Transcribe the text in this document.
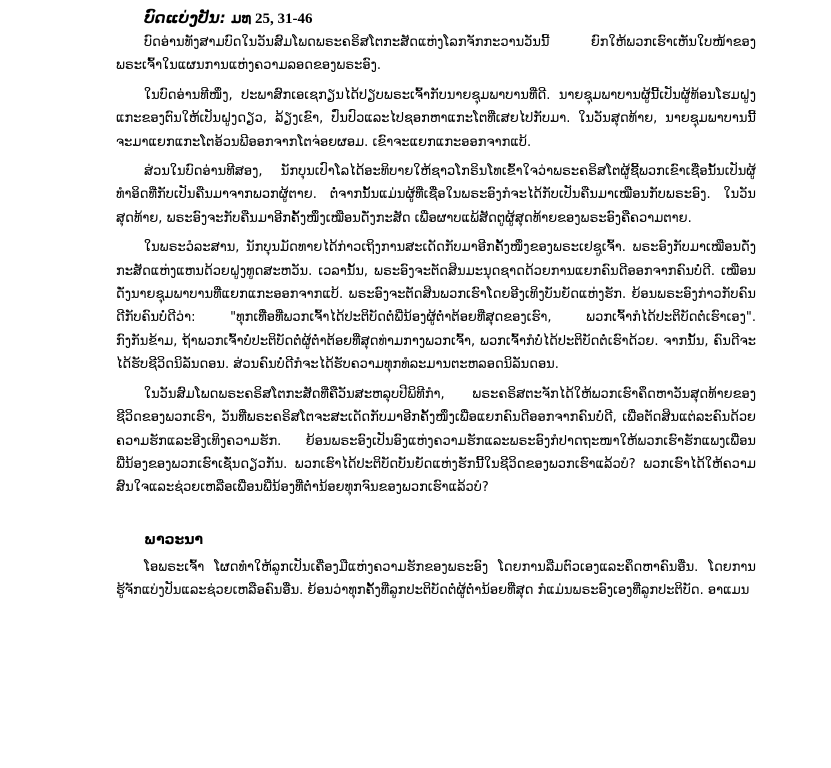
ບົດແບ່ງປັນ: ມທ 25, 31-46

ບົດອ່ານທັງສາມບົດໃນວັນສົມໂພດພຣະຄຣິສໂຕກະສັດແຫ່ງໂລກຈັກກະວານວັນນີ້ ຍົກໃຫ້ພວກເຮົາເຫັນໃບໜ້າຂອງພຣະເຈົ້າໃນແຜນການແຫ່ງຄວາມລອດຂອງພຣະອົງ.

ໃນບົດອ່ານທີໜຶ່ງ, ປະພາສົກເອເຊກຽນໄດ້ປຽບພຣະເຈົ້າກັບນາຍຊຸມພາບານທີ່ດີ. ນາຍຊຸມພາບານຜູ້ນີ້ເປັນຜູ້ທ້ອນໂຮມຝູງແກະຂອງຕົນໃຫ້ເປັນຝູງດຽວ, ລ້ຽງເຂົາ, ປົ່ນປົວແລະໄປຊອກຫາແກະໂຕທີ່ເສຍໄປກັບມາ. ໃນວັນສຸດທ້າຍ, ນາຍຊຸມພາບານນີ້ຈະມາແຍກແກະໂຕອ້ວນພີອອກຈາກໂຕຈ່ອຍຜອມ. ເຂົາຈະແຍກແກະອອກຈາກແບ້.

ສ່ວນໃນບົດອ່ານທີສອງ, ນັກບຸນເປົາໂລໄດ້ອະທິບາຍໃຫ້ຊາວໂກຣິນໂທເຂົ້າໃຈວ່າພຣະຄຣິສໂຕຜູ້ຊີ້ພວກເຂົາເຊື່ອນັ້ນເປັນຜູ້ທຳອິດທີ່ກັບເປັນຄືນມາຈາກພວກຜູ້ຕາຍ. ຕໍ່ຈາກນັ້ນແມ່ນຜູ້ທີ່ເຊື່ອໃນພຣະອົງກໍຈະໄດ້ກັບເປັນຄືນມາເໝືອນກັບພຣະອົງ. ໃນວັນສຸດທ້າຍ, ພຣະອົງຈະກັບຄືນມາອີກຄັ້ງໜຶ່ງເໝືອນດັ່ງກະສັດ ເພື່ອຜາບແພ້ສັດຕູຜູ້ສຸດທ້າຍຂອງພຣະອົງຄືຄວາມຕາຍ.

ໃນພຣະວໍລະສານ, ນັກບຸນມັດທາຍໄດ້ກ່າວເຖິງການສະເດັດກັບມາອີກຄັ້ງໜຶ່ງຂອງພຣະເຢຊູເຈົ້າ. ພຣະອົງກັບມາເໝືອນດັ່ງກະສັດແຫ່ງແຫນດ້ວຍຝູງທູດສະຫວັນ. ເວລານັ້ນ, ພຣະອົງຈະຕັດສິນມະນຸດຊາດດ້ວຍການແຍກຄົນດີອອກຈາກຄົນບໍ່ດີ. ເໝືອນດັ່ງນາຍຊຸມພາບານທີ່ແຍກແກະອອກຈາກແບ້. ພຣະອົງຈະຕັດສິນພວກເຮົາໂດຍອີງເທິງບັນຍັດແຫ່ງຮັກ. ຍ້ອນພຣະອົງກ່າວກັບຄົນດີກັບຄົນບໍ່ດີວ່າ: "ທຸກເທື່ອທີ່ພວກເຈົ້າໄດ້ປະຕິບັດຕໍ່ພີ່ນ້ອງຜູ້ຕ່ຳຕ້ອຍທີ່ສຸດຂອງເຮົາ, ພວກເຈົ້າກໍໄດ້ປະຕິບັດຕໍ່ເຮົາເອງ". ກົງກັນຂ້າມ, ຖ້າພວກເຈົ້າບໍ່ປະຕິບັດຕໍ່ຜູ້ຕ່ຳຕ້ອຍທີ່ສຸດທ່າມກາງພວກເຈົ້າ, ພວກເຈົ້າກໍບໍ່ໄດ້ປະຕິບັດຕໍ່ເຮົາດ້ວຍ. ຈາກນັ້ນ, ຄົນດີຈະໄດ້ຮັບຊີວິດນິລັນດອນ. ສ່ວນຄົນບໍ່ດີກໍຈະໄດ້ຮັບຄວາມທຸກທໍລະມານຕະຫລອດນິລັນດອນ.

ໃນວັນສົມໂພດພຣະຄຣິສໂຕກະສັດທີ່ຄືວັນສະຫລຸບປີພິທີກຳ, ພຣະຄຣິສຕະຈັກໄດ້ໃຫ້ພວກເຮົາຄຶດຫາວັນສຸດທ້າຍຂອງຊີວິດຂອງພວກເຮົາ, ວັນທີ່ພຣະຄຣິສໂຕຈະສະເດັດກັບມາອີກຄັ້ງໜຶ່ງເພື່ອແຍກຄົນດີອອກຈາກຄົນບໍ່ດີ, ເພື່ອຕັດສິນແຕ່ລະຄົນດ້ວຍຄວາມຮັກແລະອີງເທິງຄວາມຮັກ. ຍ້ອນພຣະອົງເປັນອົງແຫ່ງຄວາມຮັກແລະພຣະອົງກໍປາດຖະໜາໃຫ້ພວກເຮົາຮັກແພງເພື່ອນພີ່ນ້ອງຂອງພວກເຮົາເຊັ່ນດຽວກັນ. ພວກເຮົາໄດ້ປະຕິບັດບັນຍັດແຫ່ງຮັກນີ້ໃນຊີວິດຂອງພວກເຮົາແລ້ວບໍ? ພວກເຮົາໄດ້ໃຫ້ຄວາມສົນໃຈແລະຊ່ວຍເຫລືອເພື່ອນພີ່ນ້ອງທີ່ຕ່ຳນ້ອຍທຸກຈົນຂອງພວກເຮົາແລ້ວບໍ?

ພາວະນາ

ໂອພຣະເຈົ້າ ໂຜດທຳໃຫ້ລູກເປັນເຄື່ອງມືແຫ່ງຄວາມຮັກຂອງພຣະອົງ ໂດຍການລືມຕົວເອງແລະຄຶດຫາຄົນອື່ນ. ໂດຍການຮູ້ຈັກແບ່ງປັນແລະຊ່ວຍເຫລືອຄົນອື່ນ. ຍ້ອນວ່າທຸກຄັ້ງທີ່ລູກປະຕິບັດຕໍ່ຜູ້ຕ່ຳນ້ອຍທີ່ສຸດ ກໍແມ່ນພຣະອົງເອງທີ່ລູກປະຕິບັດ. ອາແມນ
